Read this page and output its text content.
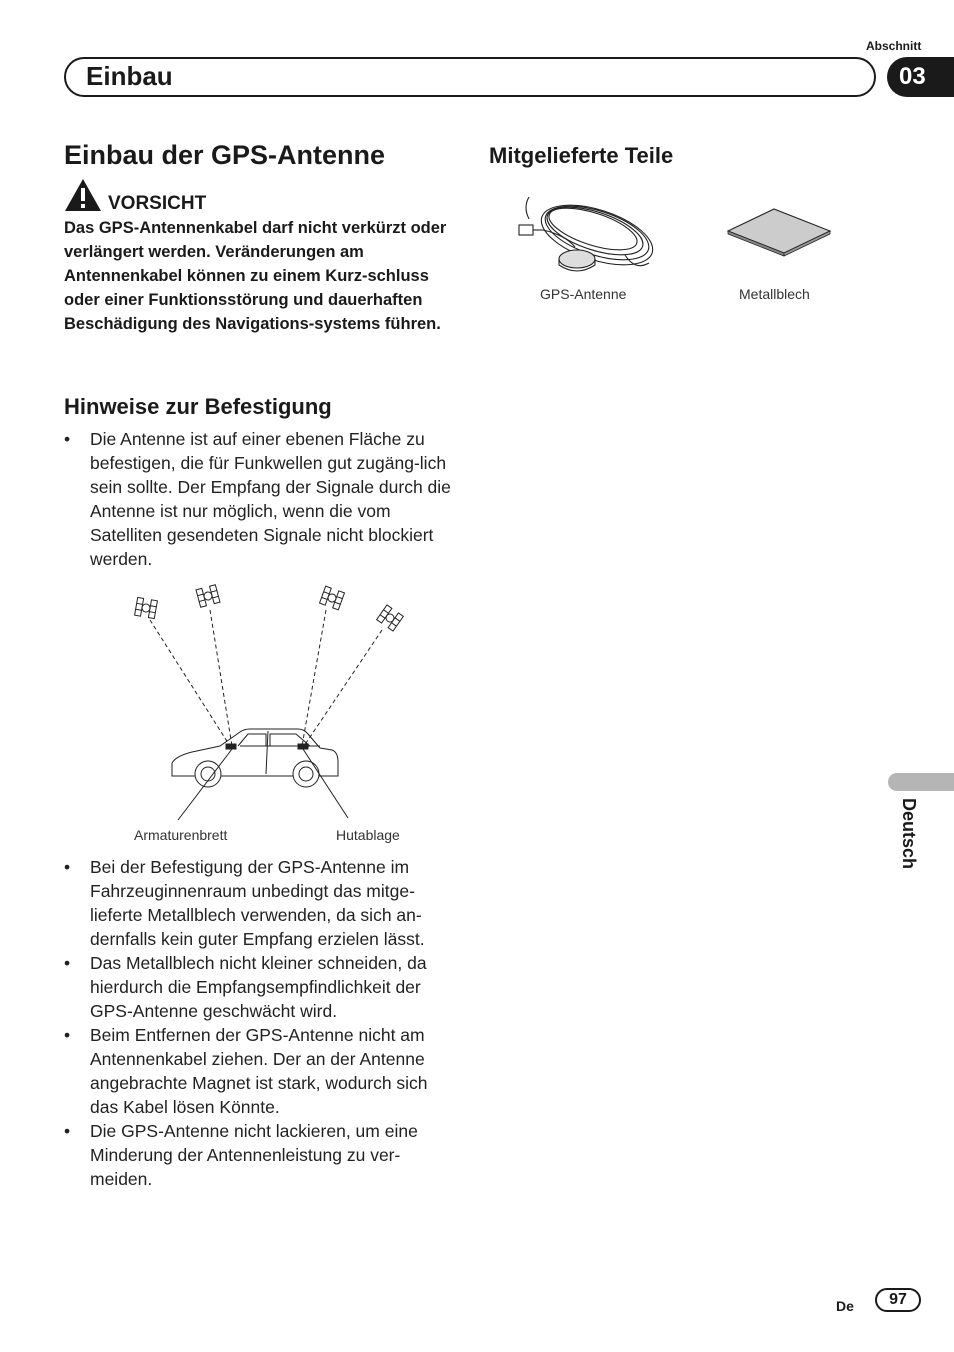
Abschnitt
Einbau	03
Einbau der GPS-Antenne
VORSICHT
Das GPS-Antennenkabel darf nicht verkürzt oder verlängert werden. Veränderungen am Antennenkabel können zu einem Kurz-schluss oder einer Funktionsstörung und dauerhaften Beschädigung des Navigations-systems führen.
Hinweise zur Befestigung
• Die Antenne ist auf einer ebenen Fläche zu befestigen, die für Funkwellen gut zugäng-lich sein sollte. Der Empfang der Signale durch die Antenne ist nur möglich, wenn die vom Satelliten gesendeten Signale nicht blockiert werden.
Armaturenbrett	Hutablage
• Bei der Befestigung der GPS-Antenne im Fahrzeuginnenraum unbedingt das mitge-lieferte Metallblech verwenden, da sich an-dernfalls kein guter Empfang erzielen lässt.
• Das Metallblech nicht kleiner schneiden, da hierdurch die Empfangsempfindlichkeit der GPS-Antenne geschwächt wird.
• Beim Entfernen der GPS-Antenne nicht am Antennenkabel ziehen. Der an der Antenne angebrachte Magnet ist stark, wodurch sich das Kabel lösen Könnte.
• Die GPS-Antenne nicht lackieren, um eine Minderung der Antennenleistung zu ver-meiden.
Mitgelieferte Teile
GPS-Antenne	Metallblech
Deutsch
De	97
